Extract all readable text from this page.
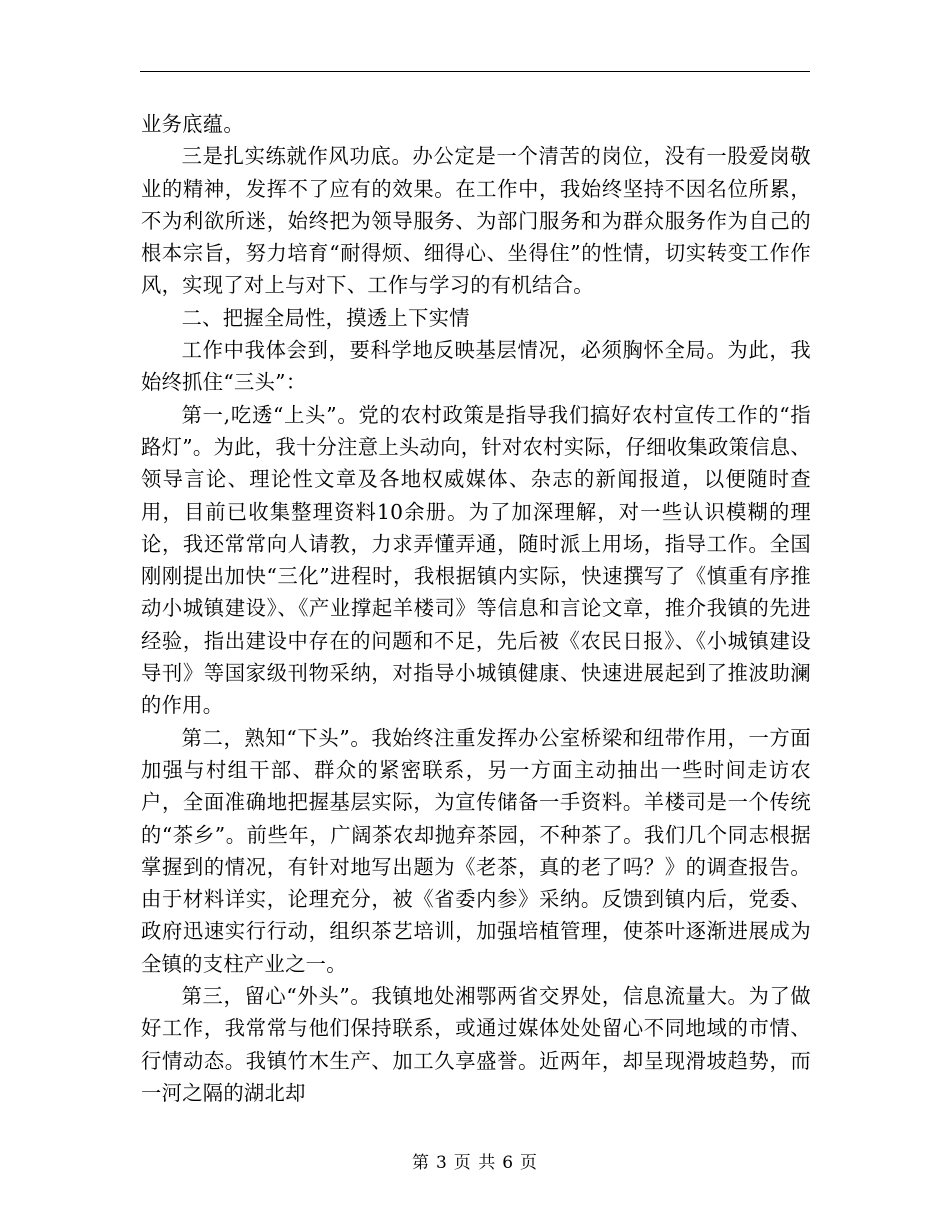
业务底蕴。

三是扎实练就作风功底。办公定是一个清苦的岗位，没有一股爱岗敬业的精神，发挥不了应有的效果。在工作中，我始终坚持不因名位所累，不为利欲所迷，始终把为领导服务、为部门服务和为群众服务作为自己的根本宗旨，努力培育“耐得烦、细得心、坐得住”的性情，切实转变工作作风，实现了对上与对下、工作与学习的有机结合。

二、把握全局性，摸透上下实情

工作中我体会到，要科学地反映基层情况，必须胸怀全局。为此，我始终抓住“三头”：

第一,吃透“上头”。党的农村政策是指导我们搞好农村宣传工作的“指路灯”。为此，我十分注意上头动向，针对农村实际，仔细收集政策信息、领导言论、理论性文章及各地权威媒体、杂志的新闻报道，以便随时查用，目前已收集整理资料10余册。为了加深理解，对一些认识模糊的理论，我还常常向人请教，力求弄懂弄通，随时派上用场，指导工作。全国刚刚提出加快“三化”进程时，我根据镇内实际，快速撰写了《慎重有序推动小城镇建设》、《产业撑起羊楼司》等信息和言论文章，推介我镇的先进经验，指出建设中存在的问题和不足，先后被《农民日报》、《小城镇建设导刊》等国家级刊物采纳，对指导小城镇健康、快速进展起到了推波助澜的作用。

第二，熟知“下头”。我始终注重发挥办公室桥梁和纽带作用，一方面加强与村组干部、群众的紧密联系，另一方面主动抽出一些时间走访农户，全面准确地把握基层实际，为宣传储备一手资料。羊楼司是一个传统的“茶乡”。前些年，广阔茶农却抛弃茶园，不种茶了。我们几个同志根据掌握到的情况，有针对地写出题为《老茶，真的老了吗？》的调查报告。由于材料详实，论理充分，被《省委内参》采纳。反馈到镇内后，党委、政府迅速实行行动，组织茶艺培训，加强培植管理，使茶叶逐渐进展成为全镇的支柱产业之一。

第三，留心“外头”。我镇地处湘鄂两省交界处，信息流量大。为了做好工作，我常常与他们保持联系，或通过媒体处处留心不同地域的市情、行情动态。我镇竹木生产、加工久享盛誉。近两年，却呈现滑坡趋势，而一河之隔的湖北却

第 3 页 共 6 页
